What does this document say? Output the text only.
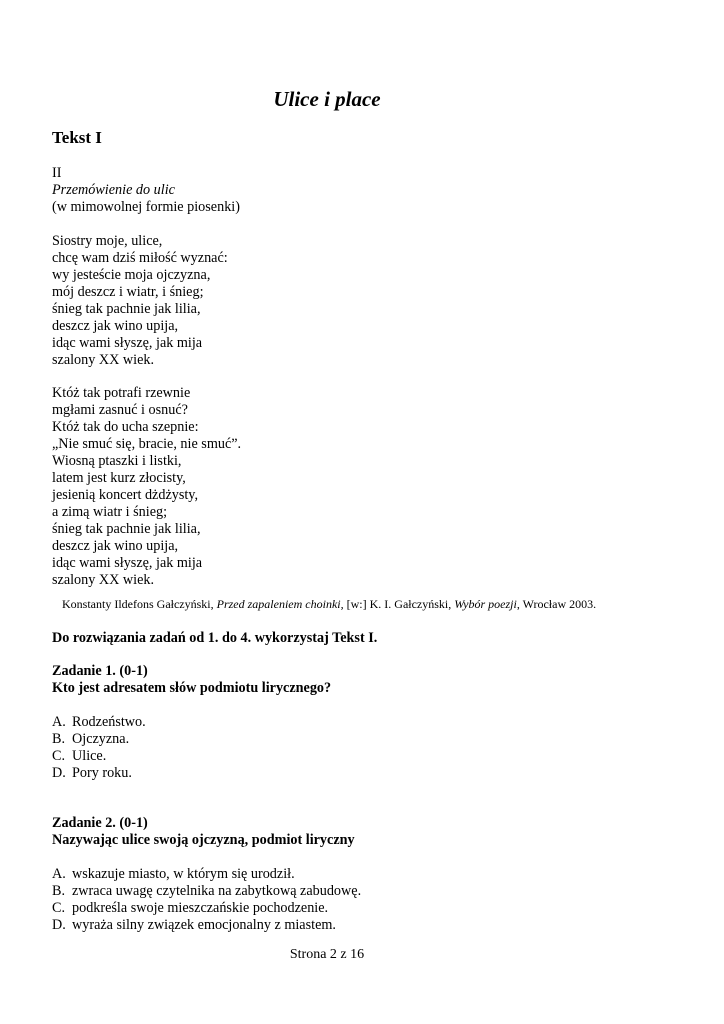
Ulice i place
Tekst I
II
Przemówienie do ulic
(w mimowolnej formie piosenki)
Siostry moje, ulice,
chcę wam dziś miłość wyznać:
wy jesteście moja ojczyzna,
mój deszcz i wiatr, i śnieg;
śnieg tak pachnie jak lilia,
deszcz jak wino upija,
idąc wami słyszę, jak mija
szalony XX wiek.
Któż tak potrafi rzewnie
mgłami zasnuć i osnuć?
Któż tak do ucha szepnie:
„Nie smuć się, bracie, nie smuć”.
Wiosną ptaszki i listki,
latem jest kurz złocisty,
jesienią koncert dżdżysty,
a zimą wiatr i śnieg;
śnieg tak pachnie jak lilia,
deszcz jak wino upija,
idąc wami słyszę, jak mija
szalony XX wiek.
Konstanty Ildefons Gałczyński, Przed zapaleniem choinki, [w:] K. I. Gałczyński, Wybór poezji, Wrocław 2003.
Do rozwiązania zadań od 1. do 4. wykorzystaj Tekst I.
Zadanie 1. (0-1)
Kto jest adresatem słów podmiotu lirycznego?
A. Rodzeństwo.
B. Ojczyzna.
C. Ulice.
D. Pory roku.
Zadanie 2. (0-1)
Nazywając ulice swoją ojczyzną, podmiot liryczny
A. wskazuje miasto, w którym się urodził.
B. zwraca uwagę czytelnika na zabytkową zabudowę.
C. podkreśla swoje mieszczańskie pochodzenie.
D. wyraża silny związek emocjonalny z miastem.
Strona 2 z 16
